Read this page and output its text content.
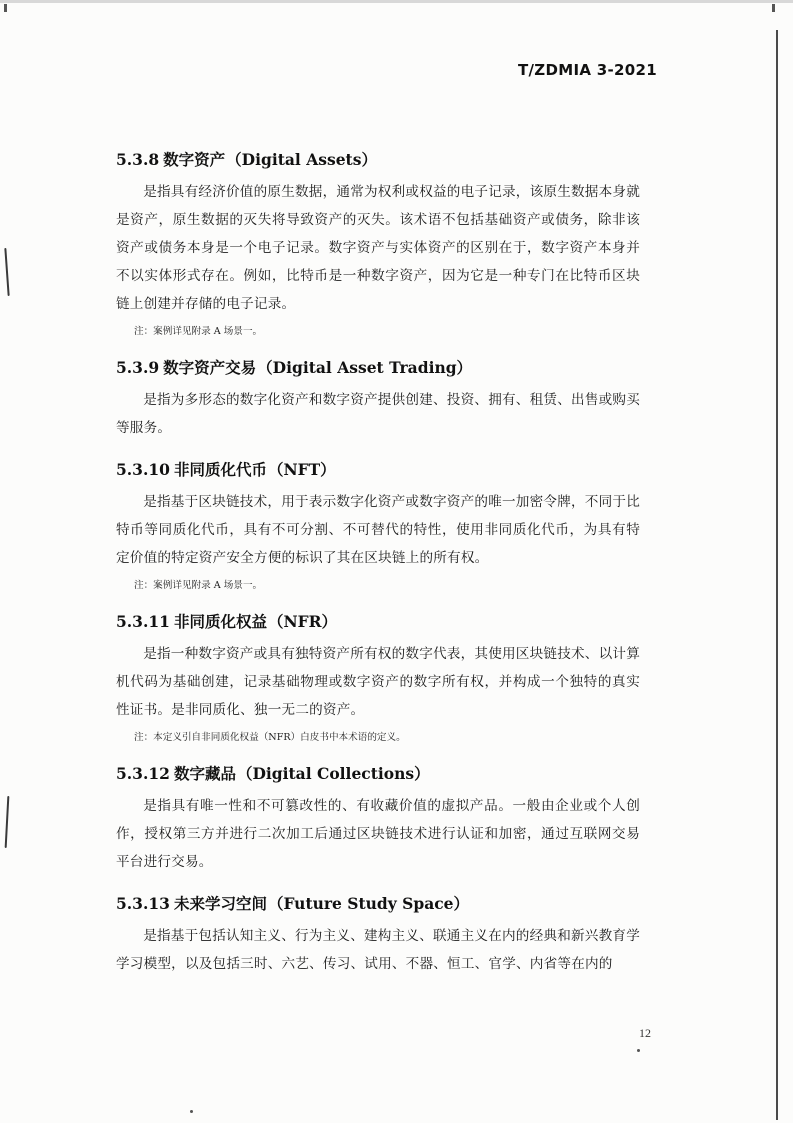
T/ZDMIA 3-2021
5.3.8 数字资产（Digital Assets）

是指具有经济价值的原生数据，通常为权利或权益的电子记录，该原生数据本身就是资产，原生数据的灭失将导致资产的灭失。该术语不包括基础资产或债务，除非该资产或债务本身是一个电子记录。数字资产与实体资产的区别在于，数字资产本身并不以实体形式存在。例如，比特币是一种数字资产，因为它是一种专门在比特币区块链上创建并存储的电子记录。

注：案例详见附录 A 场景一。

5.3.9 数字资产交易（Digital Asset Trading）

是指为多形态的数字化资产和数字资产提供创建、投资、拥有、租赁、出售或购买等服务。

5.3.10 非同质化代币（NFT）

是指基于区块链技术，用于表示数字化资产或数字资产的唯一加密令牌，不同于比特币等同质化代币，具有不可分割、不可替代的特性，使用非同质化代币，为具有特定价值的特定资产安全方便的标识了其在区块链上的所有权。

注：案例详见附录 A 场景一。

5.3.11 非同质化权益（NFR）

是指一种数字资产或具有独特资产所有权的数字代表，其使用区块链技术、以计算机代码为基础创建，记录基础物理或数字资产的数字所有权，并构成一个独特的真实性证书。是非同质化、独一无二的资产。

注：本定义引自非同质化权益（NFR）白皮书中本术语的定义。

5.3.12 数字藏品（Digital Collections）

是指具有唯一性和不可篡改性的、有收藏价值的虚拟产品。一般由企业或个人创作，授权第三方并进行二次加工后通过区块链技术进行认证和加密，通过互联网交易平台进行交易。

5.3.13 未来学习空间（Future Study Space）

是指基于包括认知主义、行为主义、建构主义、联通主义在内的经典和新兴教育学学习模型，以及包括三时、六艺、传习、试用、不器、恒工、官学、内省等在内的

12
